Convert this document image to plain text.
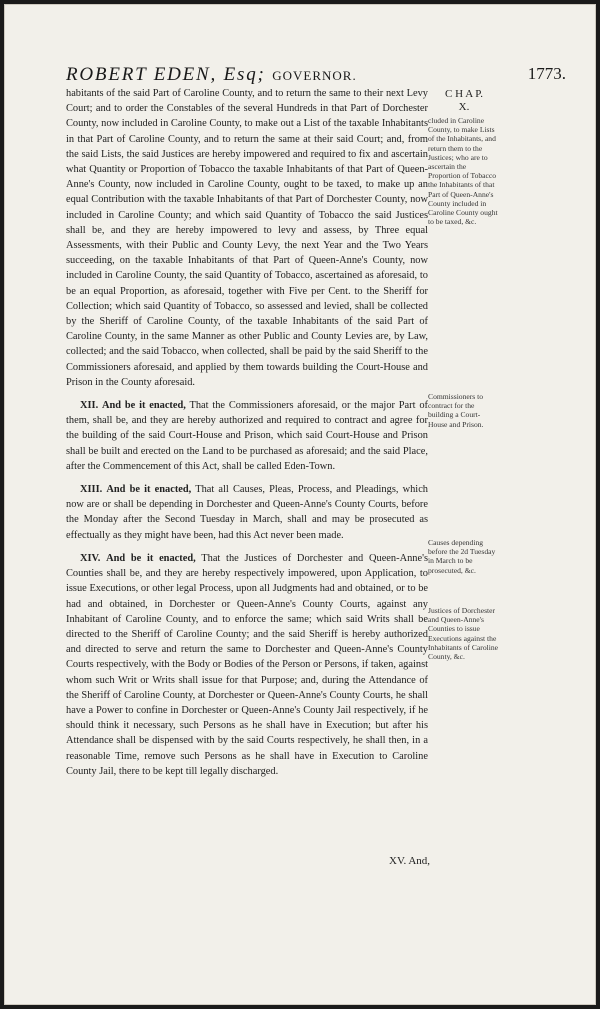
ROBERT EDEN, Esq; GOVERNOR.	1773.
C H A P.
X.

habitants of the said Part of Caroline County, and to return the same to their next Levy Court; and to order the Constables of the several Hundreds in that Part of Dorchester County, now included in Caroline County, to make out a List of the taxable Inhabitants in that Part of Caroline County, and to return the same at their said Court; and, from the said Lists, the said Justices are hereby impowered and required to fix and ascertain what Quantity or Proportion of Tobacco the taxable Inhabitants of that Part of Queen-Anne's County, now included in Caroline County, ought to be taxed, to make up an equal Contribution with the taxable Inhabitants of that Part of Dorchester County, now included in Caroline County; and which said Quantity of Tobacco the said Justices shall be, and they are hereby impowered to levy and assess, by Three equal Assessments, with their Public and County Levy, the next Year and the Two Years succeeding, on the taxable Inhabitants of that Part of Queen-Anne's County, now included in Caroline County, the said Quantity of Tobacco, ascertained as aforesaid, to be an equal Proportion, as aforesaid, together with Five per Cent. to the Sheriff for Collection; which said Quantity of Tobacco, so assessed and levied, shall be collected by the Sheriff of Caroline County, of the taxable Inhabitants of the said Part of Caroline County, in the same Manner as other Public and County Levies are, by Law, collected; and the said Tobacco, when collected, shall be paid by the said Sheriff to the Commissioners aforesaid, and applied by them towards building the Court-House and Prison in the County aforesaid.

XII. And be it enacted, That the Commissioners aforesaid, or the major Part of them, shall be, and they are hereby authorized and required to contract and agree for the building of the said Court-House and Prison, which said Court-House and Prison shall be built and erected on the Land to be purchased as aforesaid; and the said Place, after the Commencement of this Act, shall be called Eden-Town.

XIII. And be it enacted, That all Causes, Pleas, Process, and Pleadings, which now are or shall be depending in Dorchester and Queen-Anne's County Courts, before the Monday after the Second Tuesday in March, shall and may be prosecuted as effectually as they might have been, had this Act never been made.

XIV. And be it enacted, That the Justices of Dorchester and Queen-Anne's Counties shall be, and they are hereby respectively impowered, upon Application, to issue Executions, or other legal Process, upon all Judgments had and obtained, or to be had and obtained, in Dorchester or Queen-Anne's County Courts, against any Inhabitant of Caroline County, and to enforce the same; which said Writs shall be directed to the Sheriff of Caroline County; and the said Sheriff is hereby authorized and directed to serve and return the same to Dorchester and Queen-Anne's County Courts respectively, with the Body or Bodies of the Person or Persons, if taken, against whom such Writ or Writs shall issue for that Purpose; and, during the Attendance of the Sheriff of Caroline County, at Dorchester or Queen-Anne's County Courts, he shall have a Power to confine in Dorchester or Queen-Anne's County Jail respectively, if he should think it necessary, such Persons as he shall have in Execution; but after his Attendance shall be dispensed with by the said Courts respectively, he shall then, in a reasonable Time, remove such Persons as he shall have in Execution to Caroline County Jail, there to be kept till legally discharged.

cluded in Caroline County, to make Lists of the Inhabitants, and return them to the Justices; who are to ascertain the Proportion of Tobacco the Inhabitants of that Part of Queen-Anne's County included in Caroline County ought to be taxed, &c.
Commissioners to contract for the building a Court-House and Prison.
Causes depending before the 2d Tuesday in March to be prosecuted, &c.
Justices of Dorchester and Queen-Anne's Counties to issue Executions against the Inhabitants of Caroline County, &c.
XV. And,
